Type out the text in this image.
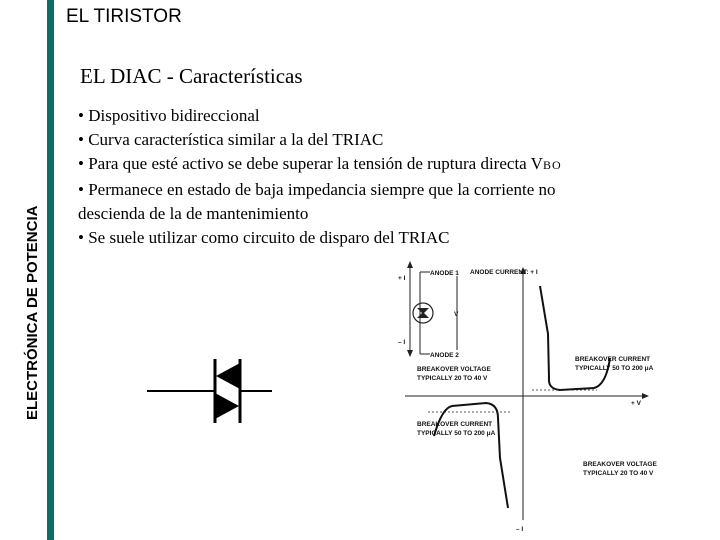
EL TIRISTOR
ELECTRÓNICA DE POTENCIA
EL DIAC - Características
• Dispositivo bidireccional
• Curva característica similar a la del TRIAC
• Para que esté activo se debe superar la tensión de ruptura directa VBO
• Permanece en estado de baja impedancia siempre que la corriente no
descienda de la de mantenimiento
• Se suele utilizar como circuito de disparo del TRIAC
+ I
– I
ANODE 1
ANODE 2
V
ANODE CURRENT: + I
+ V
– I
BREAKOVER CURRENT
TYPICALLY 50 TO 200 μA
BREAKOVER VOLTAGE
TYPICALLY 20 TO 40 V
BREAKOVER CURRENT
TYPICALLY 50 TO 200 μA
BREAKOVER VOLTAGE
TYPICALLY 20 TO 40 V
